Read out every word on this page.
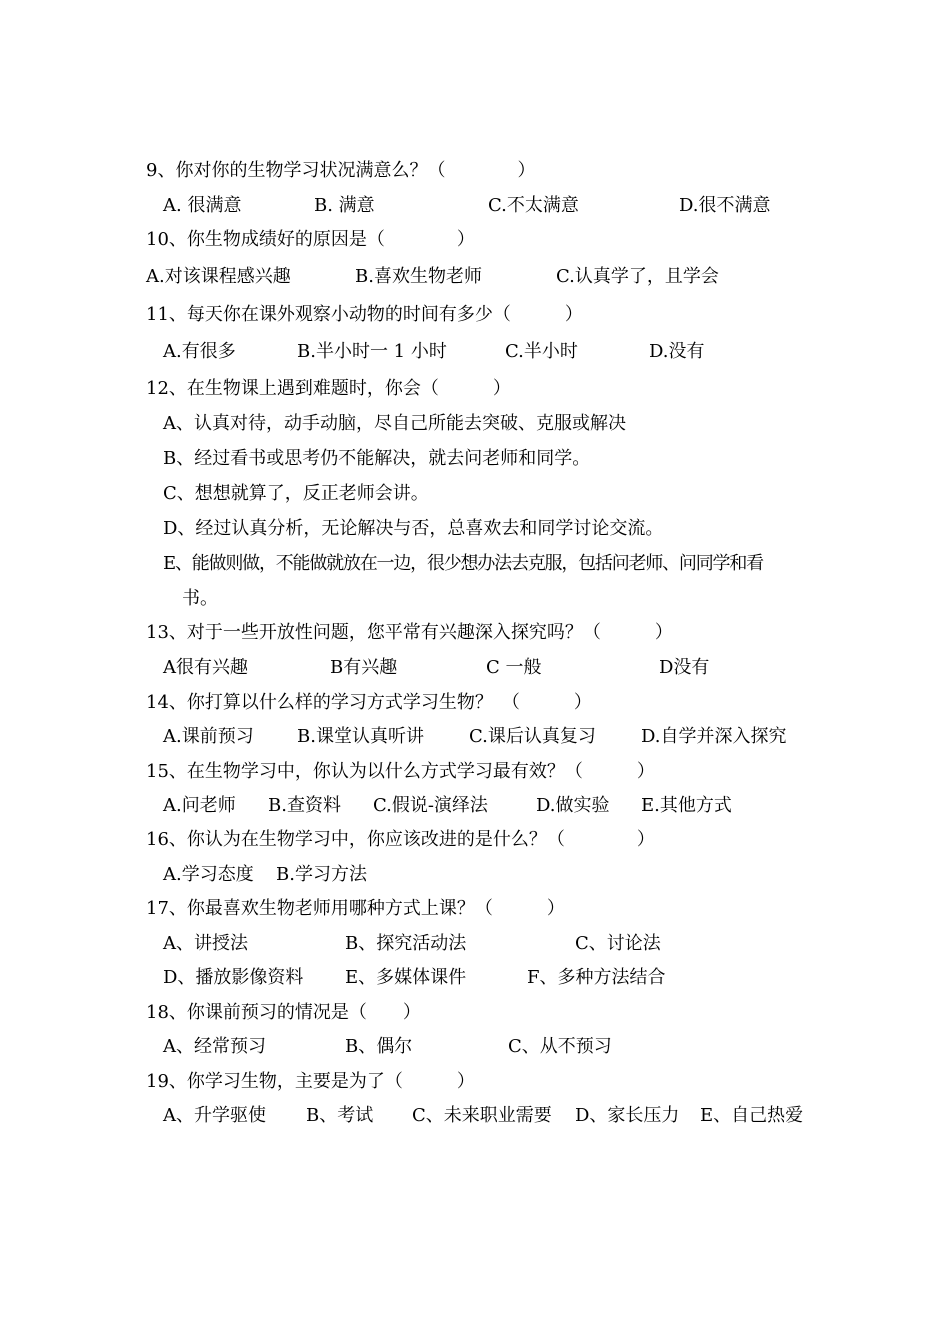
9、你对你的生物学习状况满意么？（　　　　）
A. 很满意	B. 满意	C.不太满意	D.很不满意
10、你生物成绩好的原因是（　　　　）
A.对该课程感兴趣	B.喜欢生物老师	C.认真学了，且学会
11、每天你在课外观察小动物的时间有多少（　　　）
A.有很多	B.半小时一 1 小时	C.半小时	D.没有
12、在生物课上遇到难题时，你会（　　　）
A、认真对待，动手动脑，尽自己所能去突破、克服或解决
B、经过看书或思考仍不能解决，就去问老师和同学。
C、想想就算了，反正老师会讲。
D、经过认真分析，无论解决与否，总喜欢去和同学讨论交流。
E、能做则做，不能做就放在一边，很少想办法去克服，包括问老师、问同学和看
书。
13、对于一些开放性问题，您平常有兴趣深入探究吗？（　　　）
A很有兴趣	B有兴趣	C 一般	D没有
14、你打算以什么样的学习方式学习生物？　（　　　）
A.课前预习 B.课堂认真听讲	C.课后认真复习	D.自学并深入探究
15、在生物学习中，你认为以什么方式学习最有效？（　　　）
A.问老师 B.查资料 C.假说-演绎法	D.做实验 E.其他方式
16、你认为在生物学习中，你应该改进的是什么？（　　　　）
A.学习态度 B.学习方法
17、你最喜欢生物老师用哪种方式上课？（　　　）
A、讲授法	B、探究活动法	C、讨论法
D、播放影像资料 E、多媒体课件	F、多种方法结合
18、你课前预习的情况是（　　）
A、经常预习	B、偶尔	C、从不预习
19、你学习生物，主要是为了（　　　）
A、升学驱使 B、考试 C、未来职业需要 D、家长压力 E、自己热爱
